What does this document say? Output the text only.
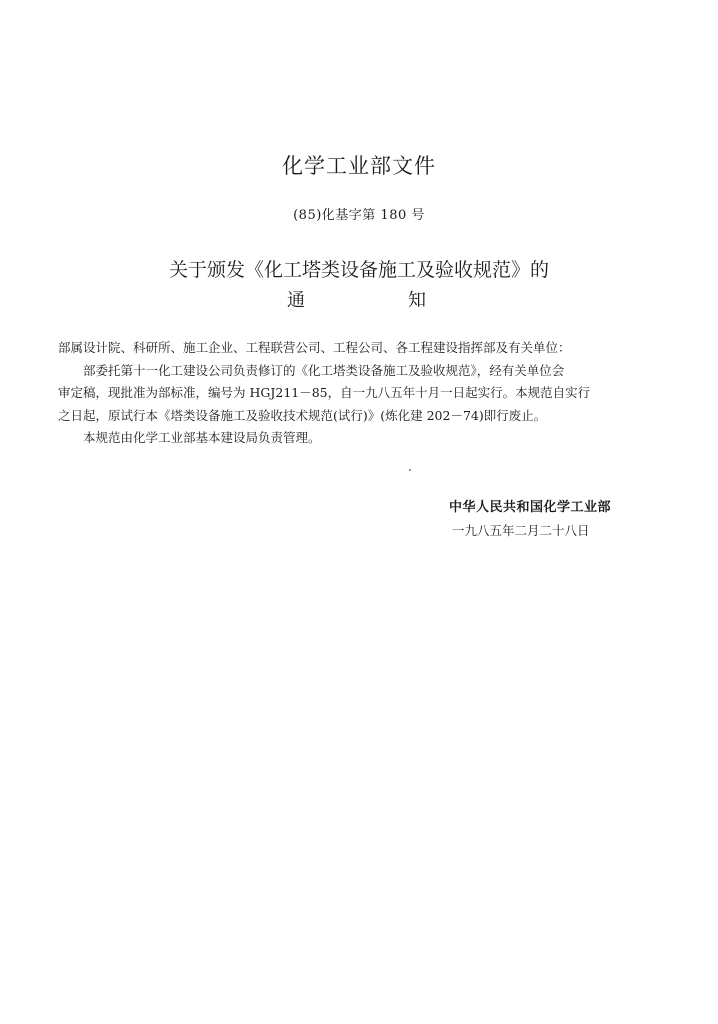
化学工业部文件
(85)化基字第 180 号
关于颁发《化工塔类设备施工及验收规范》的
通	知

部属设计院、科研所、施工企业、工程联营公司、工程公司、各工程建设指挥部及有关单位：

部委托第十一化工建设公司负责修订的《化工塔类设备施工及验收规范》，经有关单位会

审定稿，现批准为部标准，编号为 HGJ211－85，自一九八五年十月一日起实行。本规范自实行

之日起，原试行本《塔类设备施工及验收技术规范(试行)》(炼化建 202－74)即行废止。

本规范由化学工业部基本建设局负责管理。

中华人民共和国化学工业部
一九八五年二月二十八日
